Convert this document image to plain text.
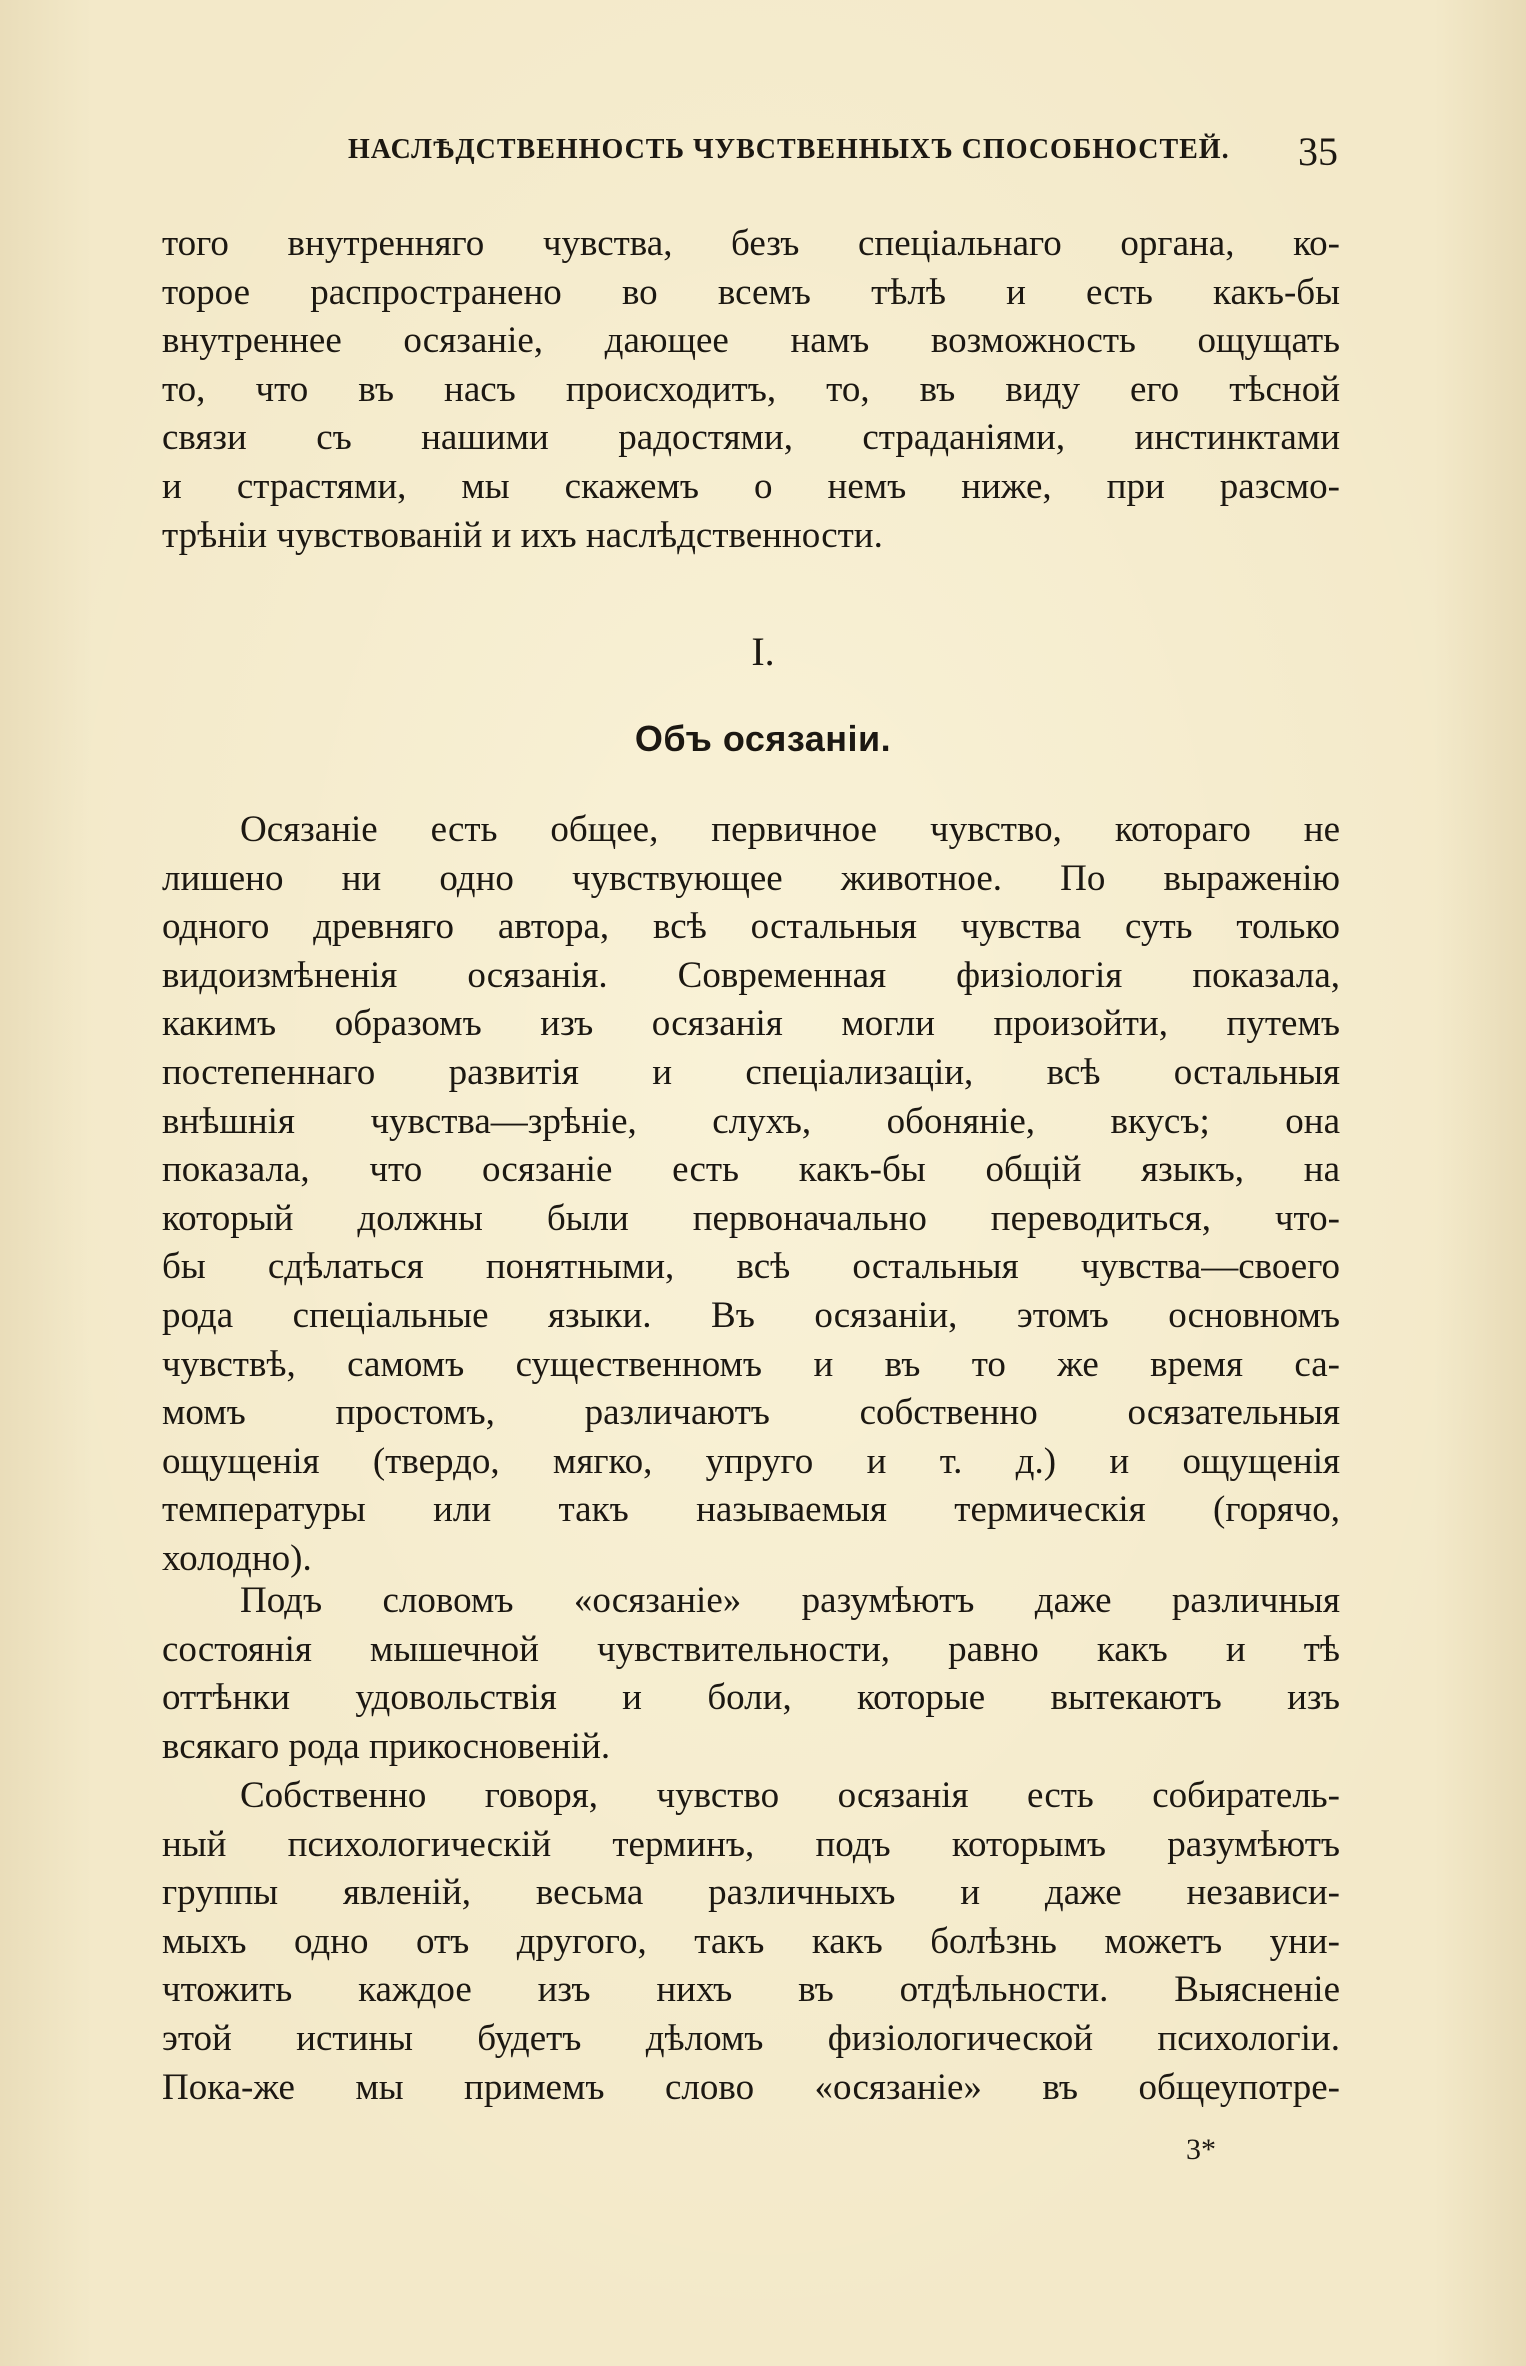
НАСЛѢДСТВЕННОСТЬ ЧУВСТВЕННЫХЪ СПОСОБНОСТЕЙ. 35
того внутренняго чувства, безъ спеціальнаго органа, ко-
торое распространено во всемъ тѣлѣ и есть какъ-бы
внутреннее осязаніе, дающее намъ возможность ощущать
то, что въ насъ происходитъ, то, въ виду его тѣсной
связи съ нашими радостями, страданіями, инстинктами
и страстями, мы скажемъ о немъ ниже, при разсмо-
трѣніи чувствованій и ихъ наслѣдственности.
I.
Объ осязаніи.
Осязаніе есть общее, первичное чувство, котораго не
лишено ни одно чувствующее животное. По выраженію
одного древняго автора, всѣ остальныя чувства суть только
видоизмѣненія осязанія. Современная физіологія показала,
какимъ образомъ изъ осязанія могли произойти, путемъ
постепеннаго развитія и спеціализаціи, всѣ остальныя
внѣшнія чувства—зрѣніе, слухъ, обоняніе, вкусъ; она
показала, что осязаніе есть какъ-бы общій языкъ, на
который должны были первоначально переводиться, что-
бы сдѣлаться понятными, всѣ остальныя чувства—своего
рода спеціальные языки. Въ осязаніи, этомъ основномъ
чувствѣ, самомъ существенномъ и въ то же время са-
момъ простомъ, различаютъ собственно осязательныя
ощущенія (твердо, мягко, упруго и т. д.) и ощущенія
температуры или такъ называемыя термическія (горячо,
холодно).
Подъ словомъ «осязаніе» разумѣютъ даже различныя
состоянія мышечной чувствительности, равно какъ и тѣ
оттѣнки удовольствія и боли, которые вытекаютъ изъ
всякаго рода прикосновеній.
Собственно говоря, чувство осязанія есть собиратель-
ный психологическій терминъ, подъ которымъ разумѣютъ
группы явленій, весьма различныхъ и даже независи-
мыхъ одно отъ другого, такъ какъ болѣзнь можетъ уни-
чтожить каждое изъ нихъ въ отдѣльности. Выясненіе
этой истины будетъ дѣломъ физіологической психологіи.
Пока-же мы примемъ слово «осязаніе» въ общеупотре-
3*
